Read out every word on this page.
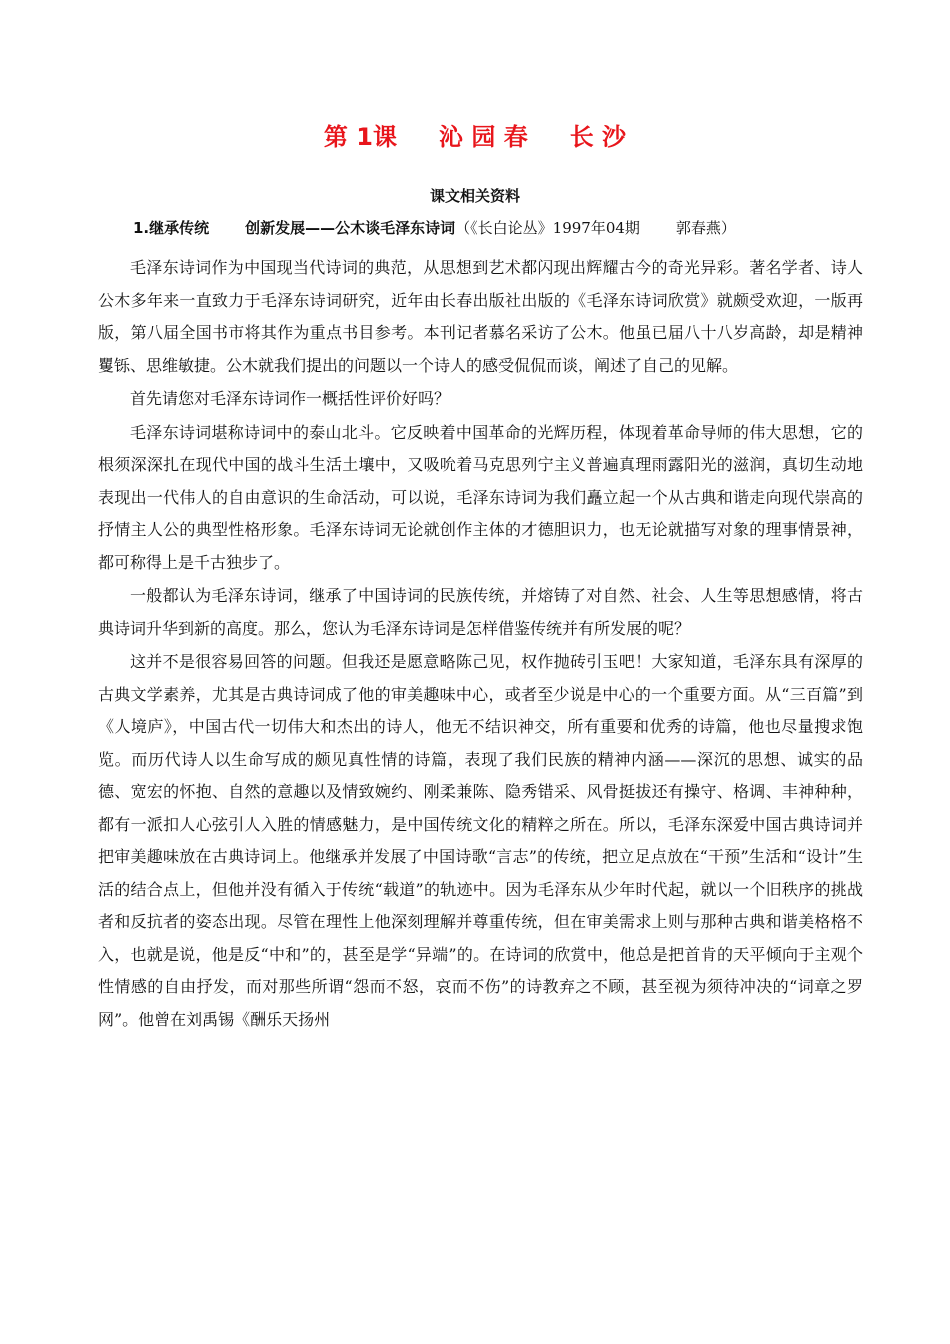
第 1课 沁 园 春 长 沙
课文相关资料
1.继承传统 创新发展——公木谈毛泽东诗词（《长白论丛》1997年04期 郭春燕）

毛泽东诗词作为中国现当代诗词的典范，从思想到艺术都闪现出辉耀古今的奇光异彩。著名学者、诗人公木多年来一直致力于毛泽东诗词研究，近年由长春出版社出版的《毛泽东诗词欣赏》就颇受欢迎，一版再版，第八届全国书市将其作为重点书目参考。本刊记者慕名采访了公木。他虽已届八十八岁高龄，却是精神矍铄、思维敏捷。公木就我们提出的问题以一个诗人的感受侃侃而谈，阐述了自己的见解。

首先请您对毛泽东诗词作一概括性评价好吗？

毛泽东诗词堪称诗词中的泰山北斗。它反映着中国革命的光辉历程，体现着革命导师的伟大思想，它的根须深深扎在现代中国的战斗生活土壤中，又吸吮着马克思列宁主义普遍真理雨露阳光的滋润，真切生动地表现出一代伟人的自由意识的生命活动，可以说，毛泽东诗词为我们矗立起一个从古典和谐走向现代崇高的抒情主人公的典型性格形象。毛泽东诗词无论就创作主体的才德胆识力，也无论就描写对象的理事情景神，都可称得上是千古独步了。

一般都认为毛泽东诗词，继承了中国诗词的民族传统，并熔铸了对自然、社会、人生等思想感情，将古典诗词升华到新的高度。那么，您认为毛泽东诗词是怎样借鉴传统并有所发展的呢？

这并不是很容易回答的问题。但我还是愿意略陈己见，权作抛砖引玉吧！大家知道，毛泽东具有深厚的古典文学素养，尤其是古典诗词成了他的审美趣味中心，或者至少说是中心的一个重要方面。从“三百篇”到《人境庐》，中国古代一切伟大和杰出的诗人，他无不结识神交，所有重要和优秀的诗篇，他也尽量搜求饱览。而历代诗人以生命写成的颇见真性情的诗篇，表现了我们民族的精神内涵——深沉的思想、诚实的品德、宽宏的怀抱、自然的意趣以及情致婉约、刚柔兼陈、隐秀错采、风骨挺拔还有操守、格调、丰神种种，都有一派扣人心弦引人入胜的情感魅力，是中国传统文化的精粹之所在。所以，毛泽东深爱中国古典诗词并把审美趣味放在古典诗词上。他继承并发展了中国诗歌“言志”的传统，把立足点放在“干预”生活和“设计”生活的结合点上，但他并没有循入于传统“载道”的轨迹中。因为毛泽东从少年时代起，就以一个旧秩序的挑战者和反抗者的姿态出现。尽管在理性上他深刻理解并尊重传统，但在审美需求上则与那种古典和谐美格格不入，也就是说，他是反“中和”的，甚至是学“异端”的。在诗词的欣赏中，他总是把首肯的天平倾向于主观个性情感的自由抒发，而对那些所谓“怨而不怒，哀而不伤”的诗教弃之不顾，甚至视为须待冲决的“词章之罗网”。他曾在刘禹锡《酬乐天扬州
